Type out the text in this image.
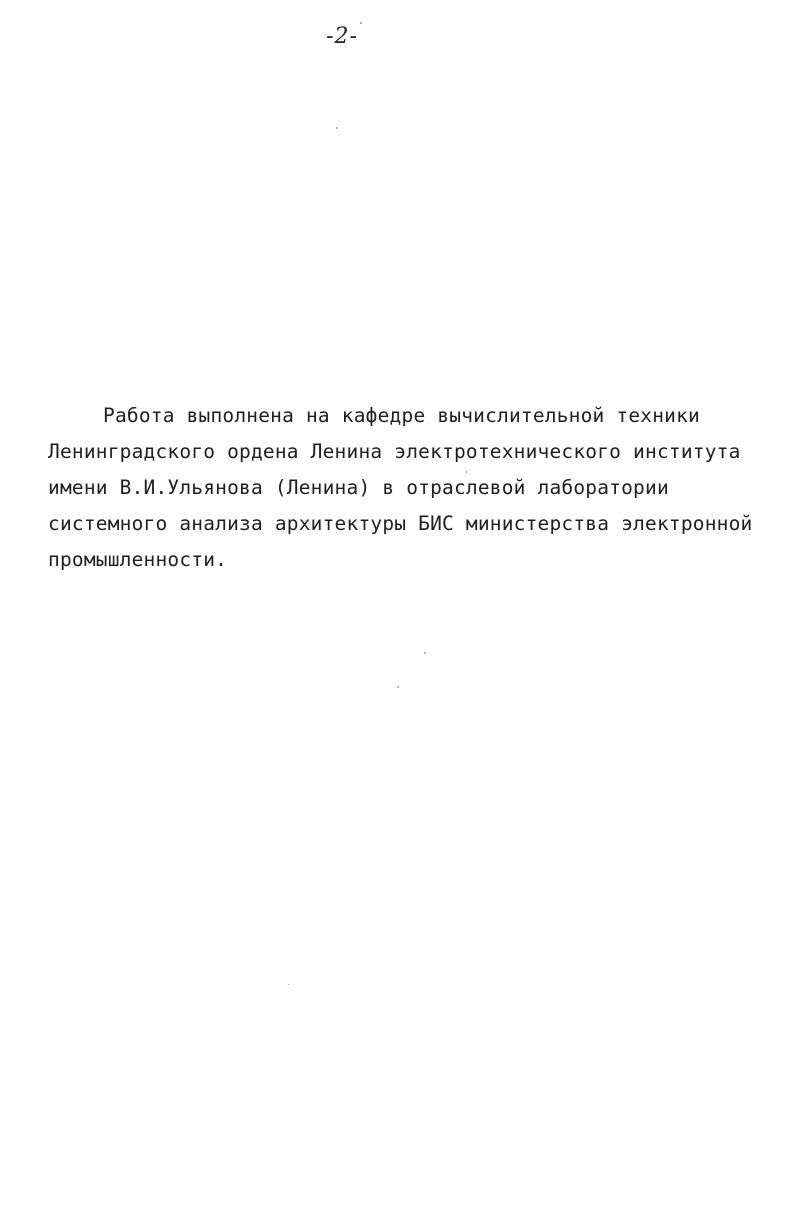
-2-
Работа выполнена на кафедре вычислительной техники
Ленинградского ордена Ленина электротехнического института
имени В.И.Ульянова (Ленина) в отраслевой лаборатории
системного анализа архитектуры БИС министерства электронной
промышленности.
